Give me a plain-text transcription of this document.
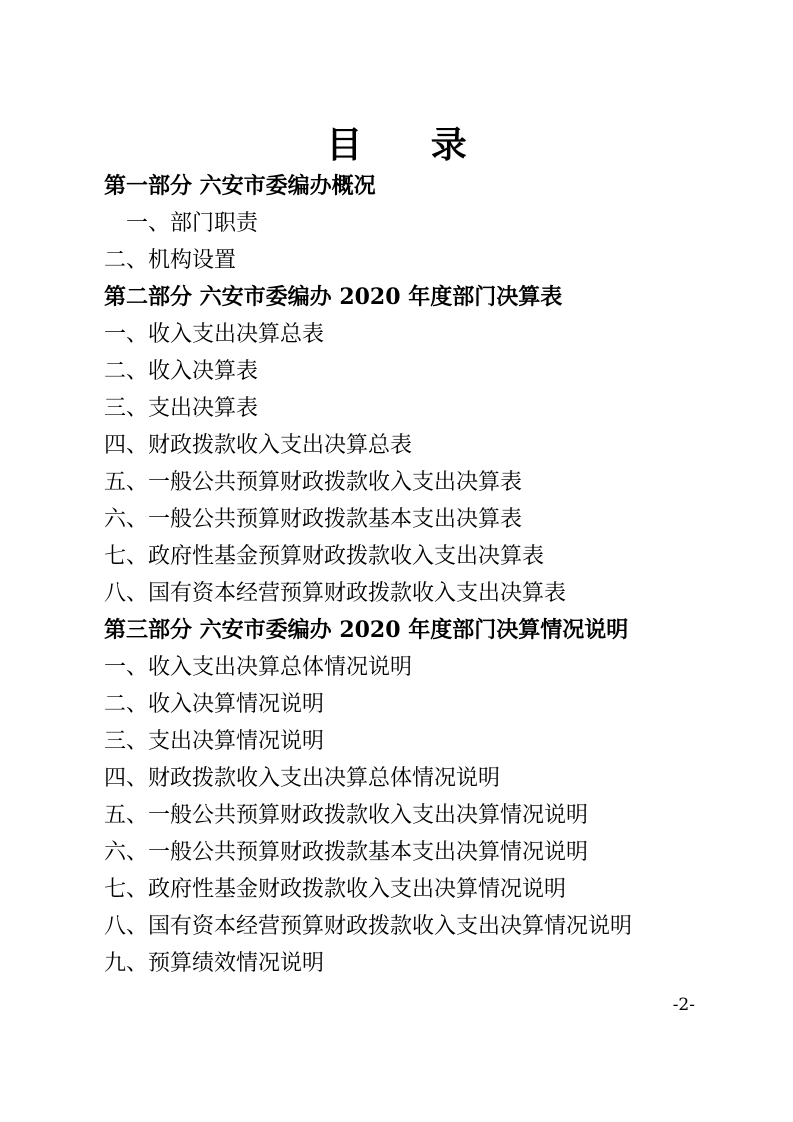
目 录
第一部分 六安市委编办概况
一、部门职责
二、机构设置
第二部分 六安市委编办 2020 年度部门决算表
一、收入支出决算总表
二、收入决算表
三、支出决算表
四、财政拨款收入支出决算总表
五、一般公共预算财政拨款收入支出决算表
六、一般公共预算财政拨款基本支出决算表
七、政府性基金预算财政拨款收入支出决算表
八、国有资本经营预算财政拨款收入支出决算表
第三部分 六安市委编办 2020 年度部门决算情况说明
一、收入支出决算总体情况说明
二、收入决算情况说明
三、支出决算情况说明
四、财政拨款收入支出决算总体情况说明
五、一般公共预算财政拨款收入支出决算情况说明
六、一般公共预算财政拨款基本支出决算情况说明
七、政府性基金财政拨款收入支出决算情况说明
八、国有资本经营预算财政拨款收入支出决算情况说明
九、预算绩效情况说明
-2-
